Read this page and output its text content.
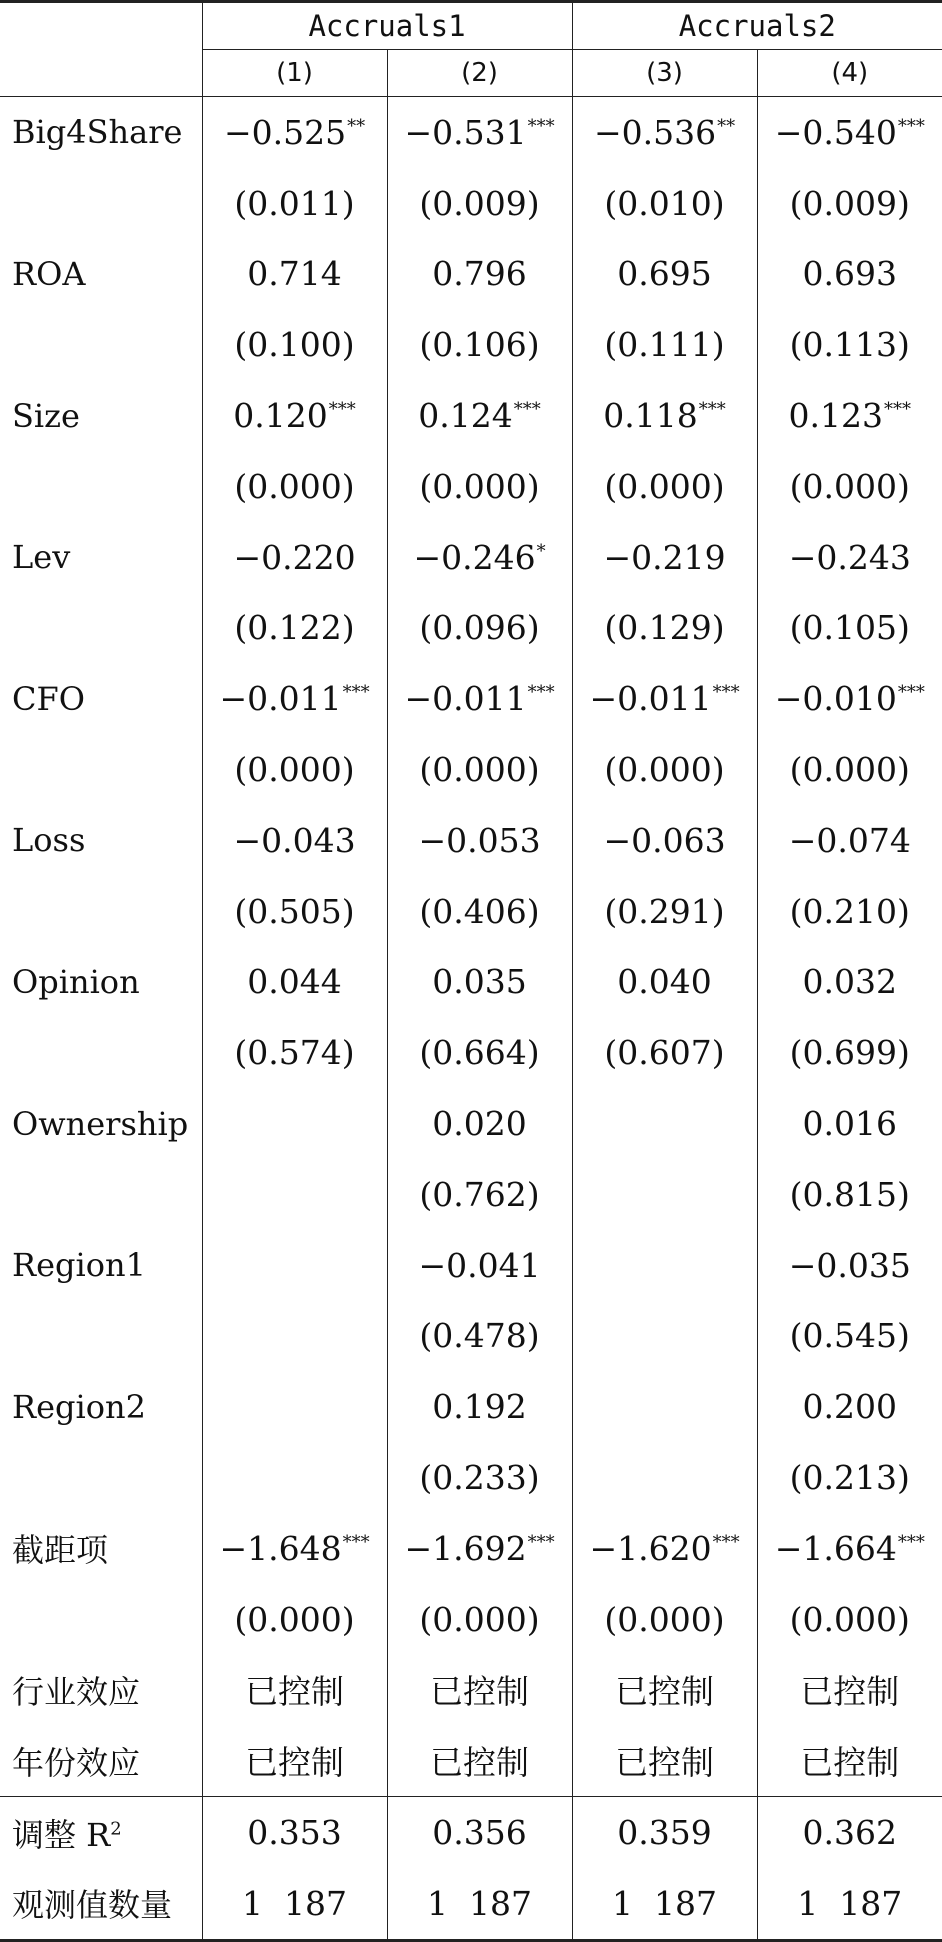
	Accruals1		Accruals2	
	(1)	(2)	(3)	(4)
Big4Share	−0.525**	−0.531***	−0.536**	−0.540***
	(0.011)	(0.009)	(0.010)	(0.009)
ROA	0.714	0.796	0.695	0.693
	(0.100)	(0.106)	(0.111)	(0.113)
Size	0.120***	0.124***	0.118***	0.123***
	(0.000)	(0.000)	(0.000)	(0.000)
Lev	−0.220	−0.246*	−0.219	−0.243
	(0.122)	(0.096)	(0.129)	(0.105)
CFO	−0.011***	−0.011***	−0.011***	−0.010***
	(0.000)	(0.000)	(0.000)	(0.000)
Loss	−0.043	−0.053	−0.063	−0.074
	(0.505)	(0.406)	(0.291)	(0.210)
Opinion	0.044	0.035	0.040	0.032
	(0.574)	(0.664)	(0.607)	(0.699)
Ownership		0.020		0.016
		(0.762)		(0.815)
Region1		−0.041		−0.035
		(0.478)		(0.545)
Region2		0.192		0.200
		(0.233)		(0.213)
截距项	−1.648***	−1.692***	−1.620***	−1.664***
	(0.000)	(0.000)	(0.000)	(0.000)
行业效应	已控制	已控制	已控制	已控制
年份效应	已控制	已控制	已控制	已控制
调整 $R^2$	0.353	0.356	0.359	0.362
观测值数量	1  187	1  187	1  187	1  187
